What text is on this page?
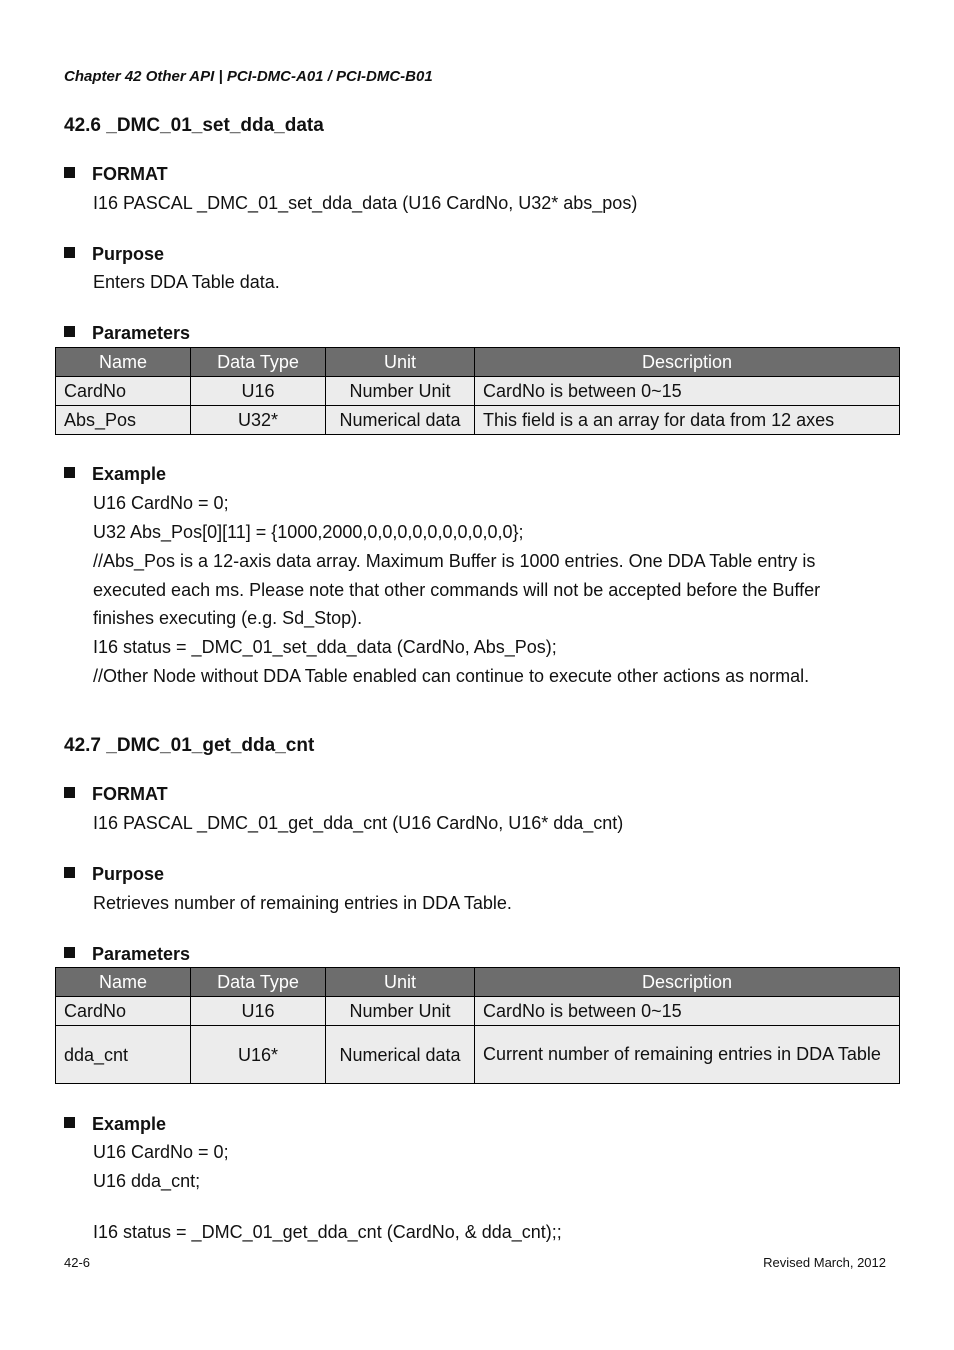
Chapter 42 Other API | PCI-DMC-A01 / PCI-DMC-B01
42.6 _DMC_01_set_dda_data
FORMAT
I16 PASCAL _DMC_01_set_dda_data (U16 CardNo, U32* abs_pos)
Purpose
Enters DDA Table data.
Parameters
Name	Data Type	Unit	Description
CardNo	U16	Number Unit	CardNo is between 0~15
Abs_Pos	U32*	Numerical data	This field is a an array for data from 12 axes
Example
U16 CardNo = 0;
U32 Abs_Pos[0][11] = {1000,2000,0,0,0,0,0,0,0,0,0,0};
//Abs_Pos is a 12-axis data array. Maximum Buffer is 1000 entries. One DDA Table entry is
executed each ms. Please note that other commands will not be accepted before the Buffer
finishes executing (e.g. Sd_Stop).
I16 status = _DMC_01_set_dda_data (CardNo, Abs_Pos);
//Other Node without DDA Table enabled can continue to execute other actions as normal.
42.7 _DMC_01_get_dda_cnt
FORMAT
I16 PASCAL _DMC_01_get_dda_cnt (U16 CardNo, U16* dda_cnt)
Purpose
Retrieves number of remaining entries in DDA Table.
Parameters
Name	Data Type	Unit	Description
CardNo	U16	Number Unit	CardNo is between 0~15
dda_cnt	U16*	Numerical data	Current number of remaining entries in DDA Table
Example
U16 CardNo = 0;
U16 dda_cnt;
I16 status = _DMC_01_get_dda_cnt (CardNo, & dda_cnt);;
42-6	Revised March, 2012
